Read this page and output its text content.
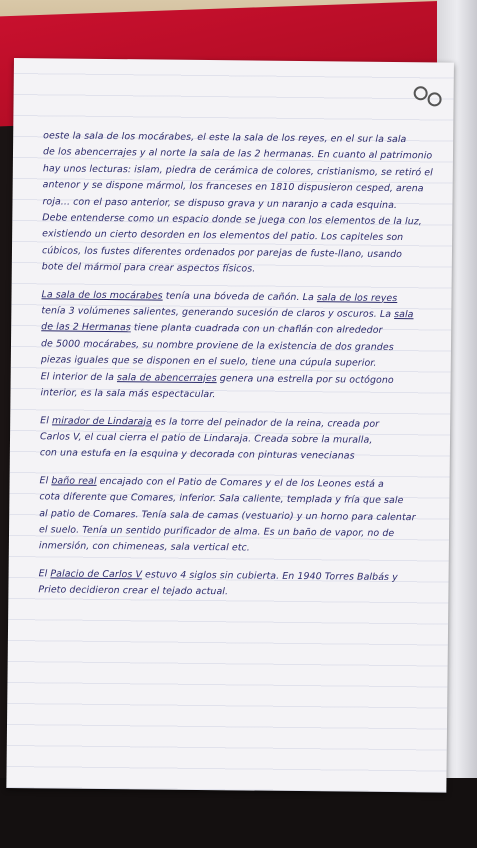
oeste la sala de los mocárabes, el este la sala de los reyes, en el sur la sala
de los abencerrajes y al norte la sala de las 2 hermanas. En cuanto al patrimonio
hay unos lecturas: islam, piedra de cerámica de colores, cristianismo, se retiró el
antenor y se dispone mármol, los franceses en 1810 dispusieron cesped, arena
roja... con el paso anterior, se dispuso grava y un naranjo a cada esquina.
Debe entenderse como un espacio donde se juega con los elementos de la luz,
existiendo un cierto desorden en los elementos del patio. Los capiteles son
cúbicos, los fustes diferentes ordenados por parejas de fuste-llano, usando
bote del mármol para crear aspectos físicos.
La sala de los mocárabes tenía una bóveda de cañón. La sala de los reyes
tenía 3 volúmenes salientes, generando sucesión de claros y oscuros. La sala
de las 2 Hermanas tiene planta cuadrada con un chaflán con alrededor
de 5000 mocárabes, su nombre proviene de la existencia de dos grandes
piezas iguales que se disponen en el suelo, tiene una cúpula superior.
El interior de la sala de abencerrajes genera una estrella por su octógono
interior, es la sala más espectacular.
El mirador de Lindaraja es la torre del peinador de la reina, creada por
Carlos V, el cual cierra el patio de Lindaraja. Creada sobre la muralla,
con una estufa en la esquina y decorada con pinturas venecianas
El baño real encajado con el Patio de Comares y el de los Leones está a
cota diferente que Comares, inferior. Sala caliente, templada y fría que sale
al patio de Comares. Tenía sala de camas (vestuario) y un horno para calentar
el suelo. Tenía un sentido purificador de alma. Es un baño de vapor, no de
inmersión, con chimeneas, sala vertical etc.
El Palacio de Carlos V estuvo 4 siglos sin cubierta. En 1940 Torres Balbás y
Prieto decidieron crear el tejado actual.
